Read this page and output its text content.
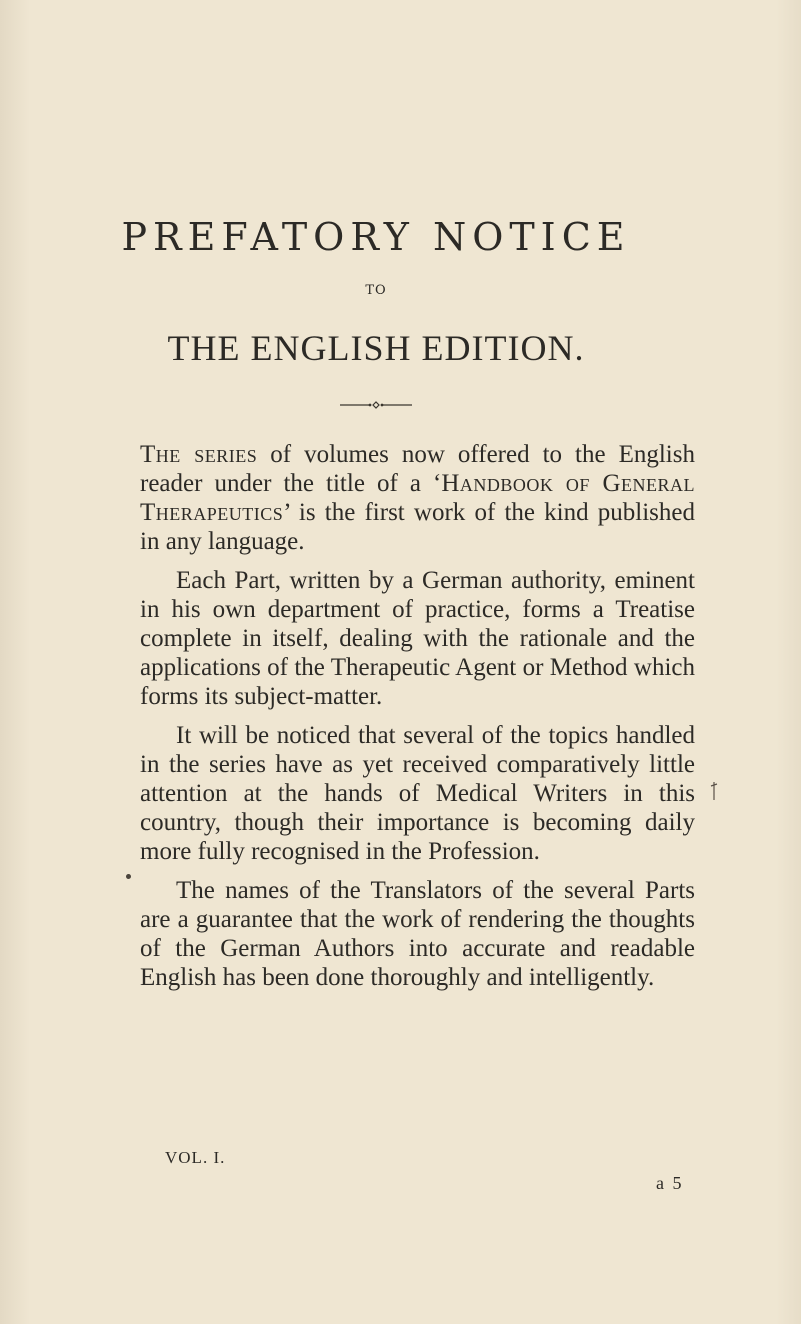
PREFATORY NOTICE
TO
THE ENGLISH EDITION.

The series of volumes now offered to the English reader under the title of a ‘Handbook of General Therapeutics’ is the first work of the kind published in any language.

Each Part, written by a German authority, eminent in his own department of practice, forms a Treatise complete in itself, dealing with the rationale and the applications of the Therapeutic Agent or Method which forms its subject-matter.

It will be noticed that several of the topics handled in the series have as yet received comparatively little attention at the hands of Medical Writers in this country, though their importance is becoming daily more fully recognised in the Profession.

The names of the Translators of the several Parts are a guarantee that the work of rendering the thoughts of the German Authors into accurate and readable English has been done thoroughly and intelligently.

VOL. I.
a 5
